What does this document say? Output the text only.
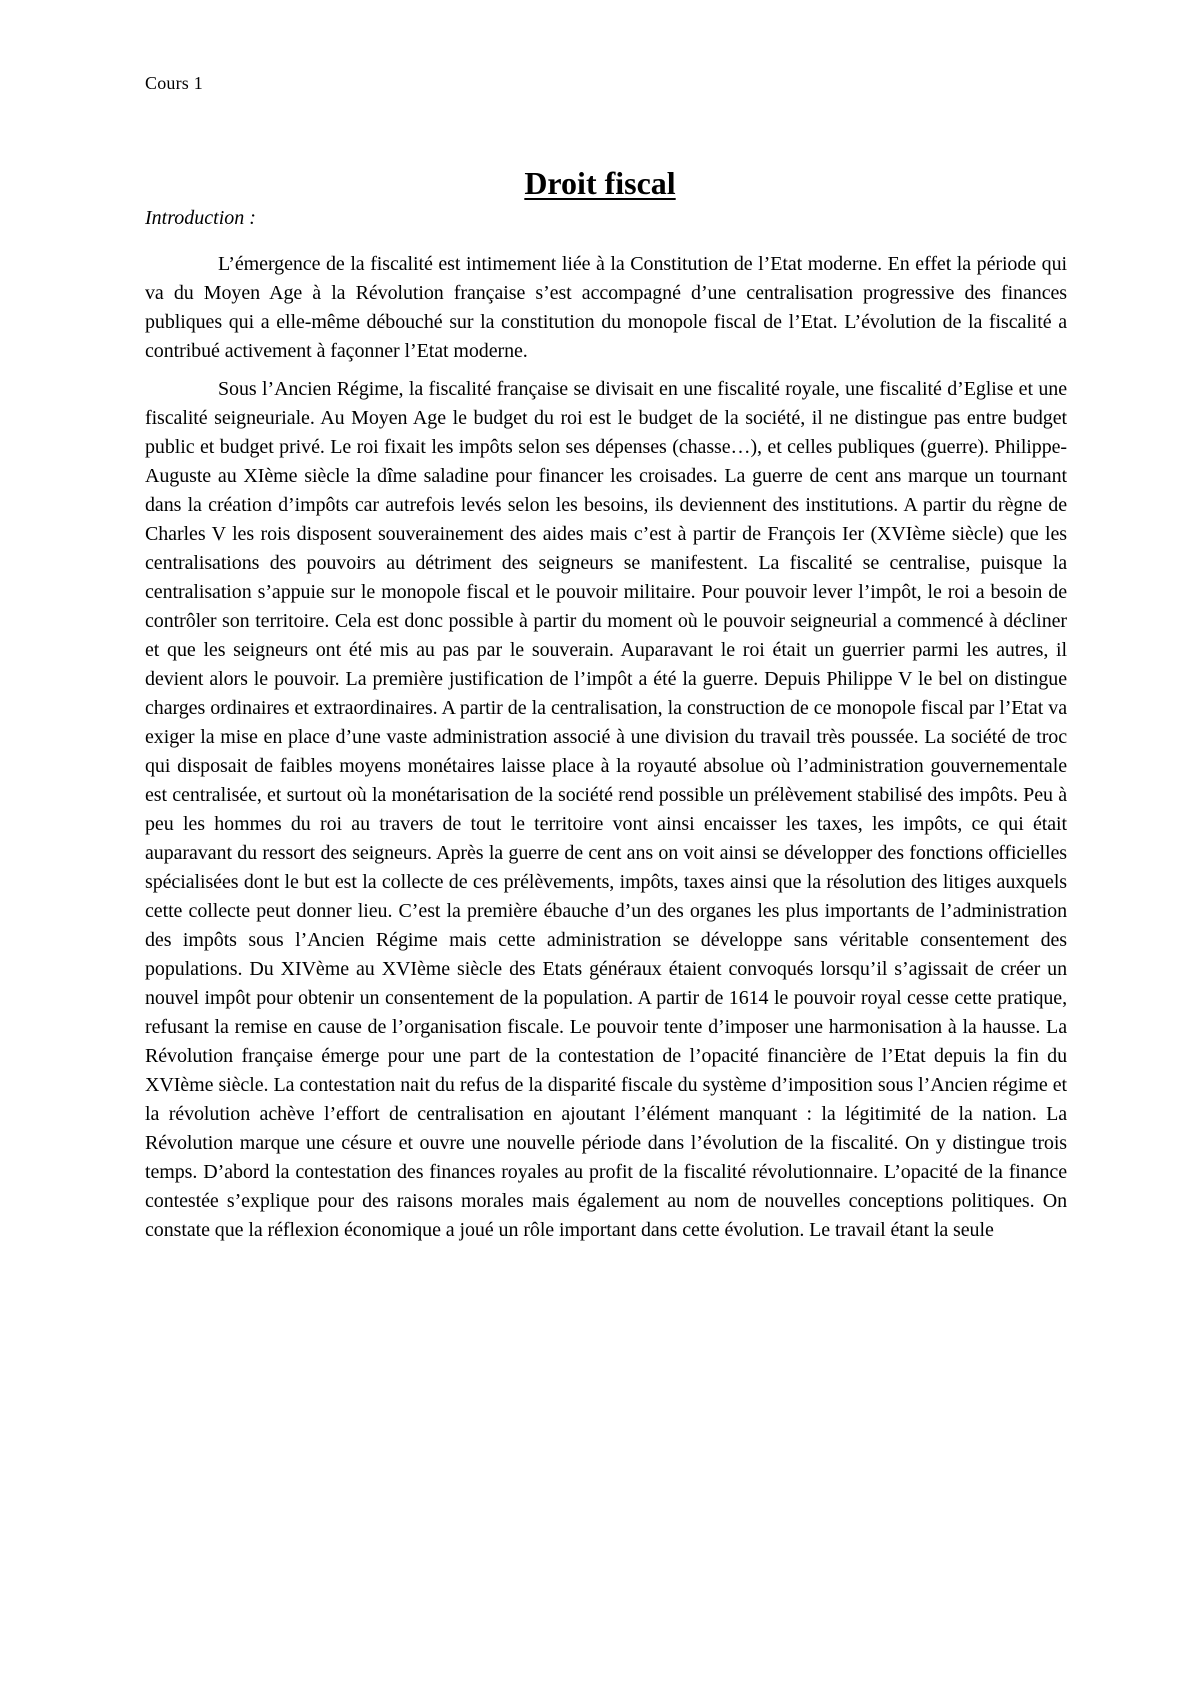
Cours 1
Droit fiscal
Introduction :

L’émergence de la fiscalité est intimement liée à la Constitution de l’Etat moderne. En effet la période qui va du Moyen Age à la Révolution française s’est accompagné d’une centralisation progressive des finances publiques qui a elle-même débouché sur la constitution du monopole fiscal de l’Etat. L’évolution de la fiscalité a contribué activement à façonner l’Etat moderne.

Sous l’Ancien Régime, la fiscalité française se divisait en une fiscalité royale, une fiscalité d’Eglise et une fiscalité seigneuriale. Au Moyen Age le budget du roi est le budget de la société, il ne distingue pas entre budget public et budget privé. Le roi fixait les impôts selon ses dépenses (chasse…), et celles publiques (guerre). Philippe-Auguste au XIème siècle la dîme saladine pour financer les croisades. La guerre de cent ans marque un tournant dans la création d’impôts car autrefois levés selon les besoins, ils deviennent des institutions. A partir du règne de Charles V les rois disposent souverainement des aides mais c’est à partir de François Ier (XVIème siècle) que les centralisations des pouvoirs au détriment des seigneurs se manifestent. La fiscalité se centralise, puisque la centralisation s’appuie sur le monopole fiscal et le pouvoir militaire. Pour pouvoir lever l’impôt, le roi a besoin de contrôler son territoire. Cela est donc possible à partir du moment où le pouvoir seigneurial a commencé à décliner et que les seigneurs ont été mis au pas par le souverain. Auparavant le roi était un guerrier parmi les autres, il devient alors le pouvoir. La première justification de l’impôt a été la guerre. Depuis Philippe V le bel on distingue charges ordinaires et extraordinaires. A partir de la centralisation, la construction de ce monopole fiscal par l’Etat va exiger la mise en place d’une vaste administration associé à une division du travail très poussée. La société de troc qui disposait de faibles moyens monétaires laisse place à la royauté absolue où l’administration gouvernementale est centralisée, et surtout où la monétarisation de la société rend possible un prélèvement stabilisé des impôts. Peu à peu les hommes du roi au travers de tout le territoire vont ainsi encaisser les taxes, les impôts, ce qui était auparavant du ressort des seigneurs. Après la guerre de cent ans on voit ainsi se développer des fonctions officielles spécialisées dont le but est la collecte de ces prélèvements, impôts, taxes ainsi que la résolution des litiges auxquels cette collecte peut donner lieu. C’est la première ébauche d’un des organes les plus importants de l’administration des impôts sous l’Ancien Régime mais cette administration se développe sans véritable consentement des populations. Du XIVème au XVIème siècle des Etats généraux étaient convoqués lorsqu’il s’agissait de créer un nouvel impôt pour obtenir un consentement de la population. A partir de 1614 le pouvoir royal cesse cette pratique, refusant la remise en cause de l’organisation fiscale. Le pouvoir tente d’imposer une harmonisation à la hausse. La Révolution française émerge pour une part de la contestation de l’opacité financière de l’Etat depuis la fin du XVIème siècle. La contestation nait du refus de la disparité fiscale du système d’imposition sous l’Ancien régime et la révolution achève l’effort de centralisation en ajoutant l’élément manquant : la légitimité de la nation. La Révolution marque une césure et ouvre une nouvelle période dans l’évolution de la fiscalité. On y distingue trois temps. D’abord la contestation des finances royales au profit de la fiscalité révolutionnaire. L’opacité de la finance contestée s’explique pour des raisons morales mais également au nom de nouvelles conceptions politiques. On constate que la réflexion économique a joué un rôle important dans cette évolution. Le travail étant la seule
